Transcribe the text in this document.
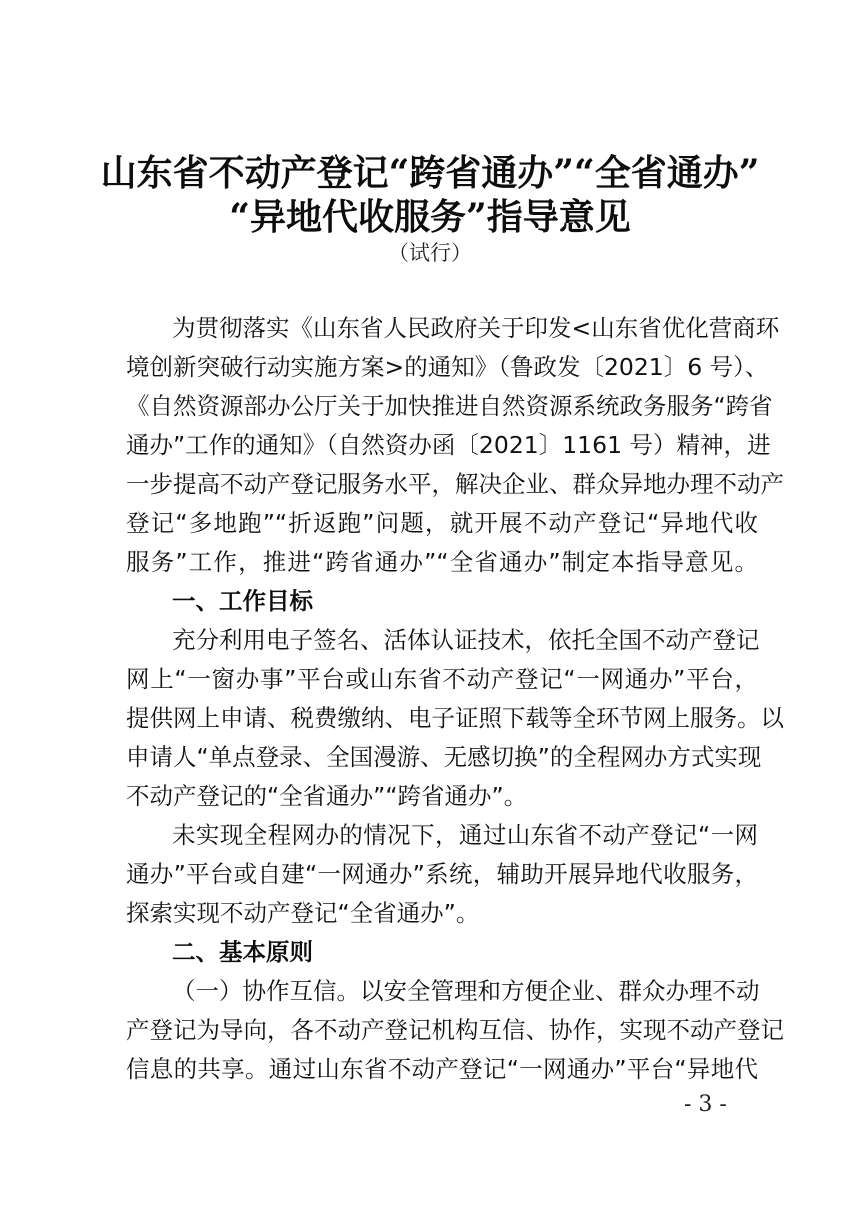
山东省不动产登记“跨省通办”“全省通办”
“异地代收服务”指导意见
（试行）
为贯彻落实《山东省人民政府关于印发<山东省优化营商环
境创新突破行动实施方案>的通知》（鲁政发〔2021〕6 号）、
《自然资源部办公厅关于加快推进自然资源系统政务服务“跨省
通办”工作的通知》（自然资办函〔2021〕1161 号）精神，进
一步提高不动产登记服务水平，解决企业、群众异地办理不动产
登记“多地跑”“折返跑”问题，就开展不动产登记“异地代收
服务”工作，推进“跨省通办”“全省通办”制定本指导意见。
一、工作目标
充分利用电子签名、活体认证技术，依托全国不动产登记
网上“一窗办事”平台或山东省不动产登记“一网通办”平台，
提供网上申请、税费缴纳、电子证照下载等全环节网上服务。以
申请人“单点登录、全国漫游、无感切换”的全程网办方式实现
不动产登记的“全省通办”“跨省通办”。
未实现全程网办的情况下，通过山东省不动产登记“一网
通办”平台或自建“一网通办”系统，辅助开展异地代收服务，
探索实现不动产登记“全省通办”。
二、基本原则
（一）协作互信。以安全管理和方便企业、群众办理不动
产登记为导向，各不动产登记机构互信、协作，实现不动产登记
信息的共享。通过山东省不动产登记“一网通办”平台“异地代
- 3 -
